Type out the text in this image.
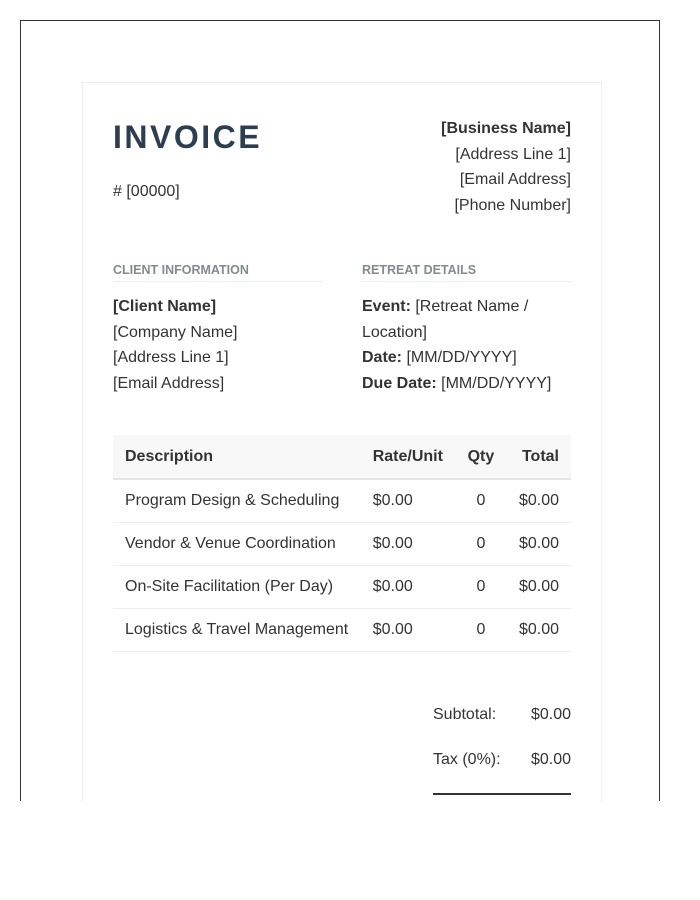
INVOICE
# [00000]
[Business Name]
[Address Line 1]
[Email Address]
[Phone Number]
CLIENT INFORMATION
[Client Name]
[Company Name]
[Address Line 1]
[Email Address]
RETREAT DETAILS
Event: [Retreat Name /
Location]
Date: [MM/DD/YYYY]
Due Date: [MM/DD/YYYY]
Description	Rate/Unit	Qty	Total
Program Design & Scheduling	$0.00	0	$0.00
Vendor & Venue Coordination	$0.00	0	$0.00
On-Site Facilitation (Per Day)	$0.00	0	$0.00
Logistics & Travel Management	$0.00	0	$0.00
Subtotal: $0.00
Tax (0%): $0.00
